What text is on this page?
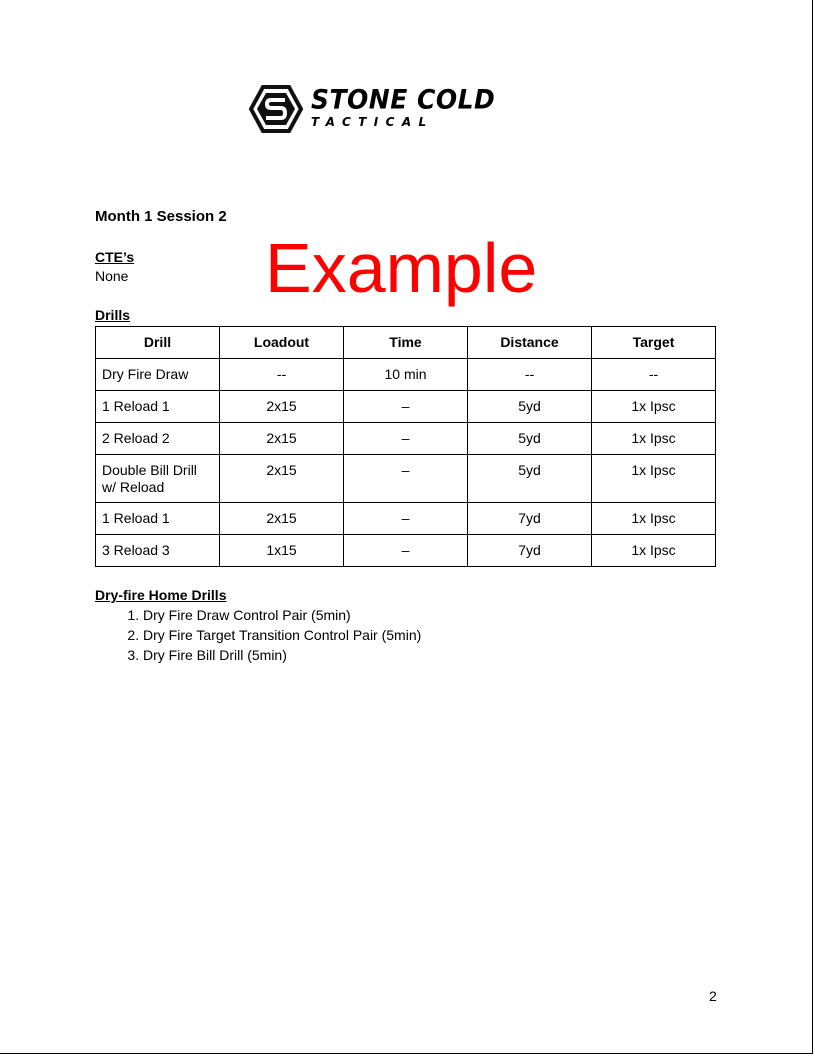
STONE COLD
TACTICAL
Month 1 Session 2
CTE’s
None Example
Drills
Drill	Loadout	Time	Distance	Target
Dry Fire Draw	--	10 min	--	--
1 Reload 1	2x15	–	5yd	1x Ipsc
2 Reload 2	2x15	–	5yd	1x Ipsc
Double Bill Drill w/ Reload	2x15	–	5yd	1x Ipsc
1 Reload 1	2x15	–	7yd	1x Ipsc
3 Reload 3	1x15	–	7yd	1x Ipsc
Dry-fire Home Drills
1. Dry Fire Draw Control Pair (5min)
2. Dry Fire Target Transition Control Pair (5min)
3. Dry Fire Bill Drill (5min)
2
